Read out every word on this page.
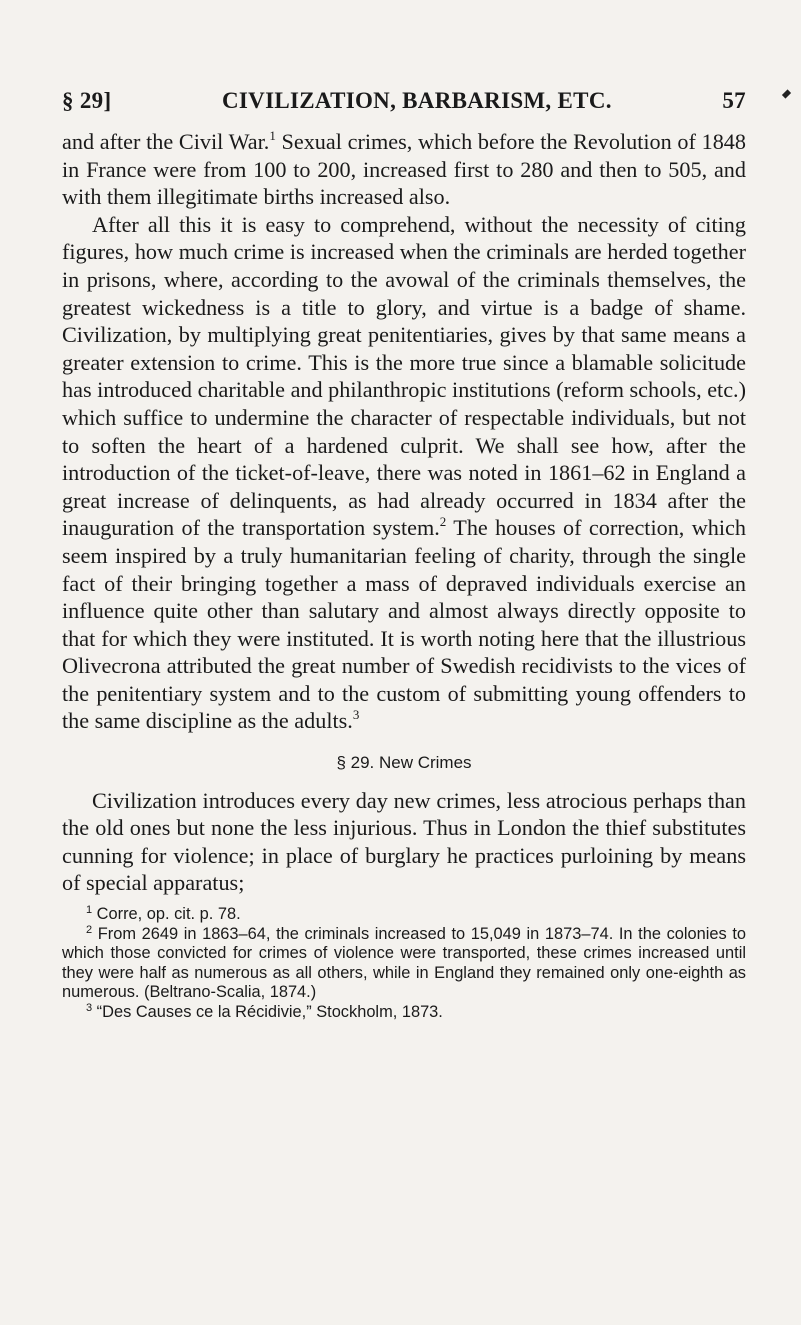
§ 29]	CIVILIZATION, BARBARISM, ETC.	57

and after the Civil War.$^1$ Sexual crimes, which before the Revolution of 1848 in France were from 100 to 200, increased first to 280 and then to 505, and with them illegitimate births increased also.

After all this it is easy to comprehend, without the necessity of citing figures, how much crime is increased when the criminals are herded together in prisons, where, according to the avowal of the criminals themselves, the greatest wickedness is a title to glory, and virtue is a badge of shame. Civilization, by multiplying great penitentiaries, gives by that same means a greater extension to crime. This is the more true since a blamable solicitude has introduced charitable and philanthropic institutions (reform schools, etc.) which suffice to undermine the character of respectable individuals, but not to soften the heart of a hardened culprit. We shall see how, after the introduction of the ticket-of-leave, there was noted in 1861–62 in England a great increase of delinquents, as had already occurred in 1834 after the inauguration of the transportation system.$^2$ The houses of correction, which seem inspired by a truly humanitarian feeling of charity, through the single fact of their bringing together a mass of depraved individuals exercise an influence quite other than salutary and almost always directly opposite to that for which they were instituted. It is worth noting here that the illustrious Olivecrona attributed the great number of Swedish recidivists to the vices of the penitentiary system and to the custom of submitting young offenders to the same discipline as the adults.$^3$

§ 29. New Crimes

Civilization introduces every day new crimes, less atrocious perhaps than the old ones but none the less injurious. Thus in London the thief substitutes cunning for violence; in place of burglary he practices purloining by means of special apparatus;

$^1$ Corre, op. cit. p. 78.

$^2$ From 2649 in 1863–64, the criminals increased to 15,049 in 1873–74. In the colonies to which those convicted for crimes of violence were transported, these crimes increased until they were half as numerous as all others, while in England they remained only one-eighth as numerous. (Beltrano-Scalia, 1874.)

$^3$ “Des Causes ce la Récidivie,” Stockholm, 1873.
